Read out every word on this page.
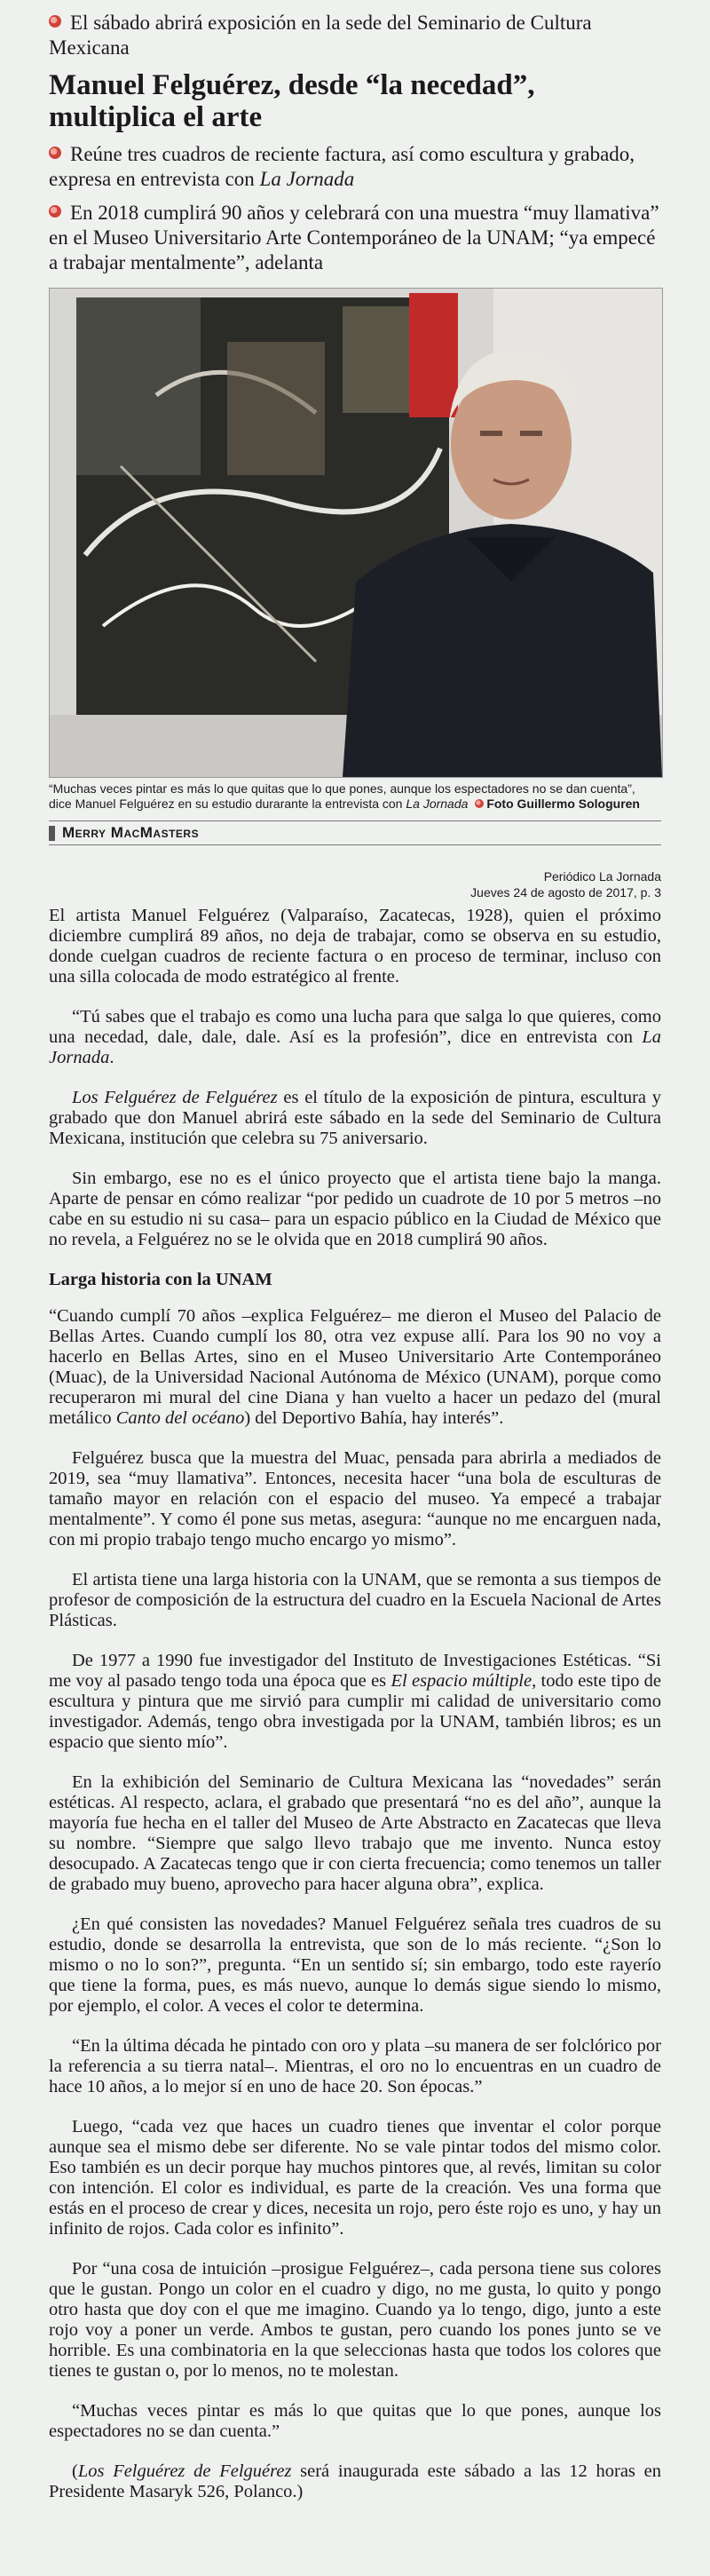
El sábado abrirá exposición en la sede del Seminario de Cultura Mexicana
Manuel Felguérez, desde “la necedad”, multiplica el arte
Reúne tres cuadros de reciente factura, así como escultura y grabado, expresa en entrevista con La Jornada
En 2018 cumplirá 90 años y celebrará con una muestra “muy llamativa” en el Museo Universitario Arte Contemporáneo de la UNAM; “ya empecé a trabajar mentalmente”, adelanta
“Muchas veces pintar es más lo que quitas que lo que pones, aunque los espectadores no se dan cuenta”, dice Manuel Felguérez en su estudio durarante la entrevista con La Jornada Foto Guillermo Sologuren
Merry MacMasters
Periódico La Jornada
Jueves 24 de agosto de 2017, p. 3

El artista Manuel Felguérez (Valparaíso, Zacatecas, 1928), quien el próximo diciembre cumplirá 89 años, no deja de trabajar, como se observa en su estudio, donde cuelgan cuadros de reciente factura o en proceso de terminar, incluso con una silla colocada de modo estratégico al frente.

“Tú sabes que el trabajo es como una lucha para que salga lo que quieres, como una necedad, dale, dale, dale. Así es la profesión”, dice en entrevista con La Jornada.

Los Felguérez de Felguérez es el título de la exposición de pintura, escultura y grabado que don Manuel abrirá este sábado en la sede del Seminario de Cultura Mexicana, institución que celebra su 75 aniversario.

Sin embargo, ese no es el único proyecto que el artista tiene bajo la manga. Aparte de pensar en cómo realizar “por pedido un cuadrote de 10 por 5 metros –no cabe en su estudio ni su casa– para un espacio público en la Ciudad de México que no revela, a Felguérez no se le olvida que en 2018 cumplirá 90 años.

Larga historia con la UNAM

“Cuando cumplí 70 años –explica Felguérez– me dieron el Museo del Palacio de Bellas Artes. Cuando cumplí los 80, otra vez expuse allí. Para los 90 no voy a hacerlo en Bellas Artes, sino en el Museo Universitario Arte Contemporáneo (Muac), de la Universidad Nacional Autónoma de México (UNAM), porque como recuperaron mi mural del cine Diana y han vuelto a hacer un pedazo del (mural metálico Canto del océano) del Deportivo Bahía, hay interés”.

Felguérez busca que la muestra del Muac, pensada para abrirla a mediados de 2019, sea “muy llamativa”. Entonces, necesita hacer “una bola de esculturas de tamaño mayor en relación con el espacio del museo. Ya empecé a trabajar mentalmente”. Y como él pone sus metas, asegura: “aunque no me encarguen nada, con mi propio trabajo tengo mucho encargo yo mismo”.

El artista tiene una larga historia con la UNAM, que se remonta a sus tiempos de profesor de composición de la estructura del cuadro en la Escuela Nacional de Artes Plásticas.

De 1977 a 1990 fue investigador del Instituto de Investigaciones Estéticas. “Si me voy al pasado tengo toda una época que es El espacio múltiple, todo este tipo de escultura y pintura que me sirvió para cumplir mi calidad de universitario como investigador. Además, tengo obra investigada por la UNAM, también libros; es un espacio que siento mío”.

En la exhibición del Seminario de Cultura Mexicana las “novedades” serán estéticas. Al respecto, aclara, el grabado que presentará “no es del año”, aunque la mayoría fue hecha en el taller del Museo de Arte Abstracto en Zacatecas que lleva su nombre. “Siempre que salgo llevo trabajo que me invento. Nunca estoy desocupado. A Zacatecas tengo que ir con cierta frecuencia; como tenemos un taller de grabado muy bueno, aprovecho para hacer alguna obra”, explica.

¿En qué consisten las novedades? Manuel Felguérez señala tres cuadros de su estudio, donde se desarrolla la entrevista, que son de lo más reciente. “¿Son lo mismo o no lo son?”, pregunta. “En un sentido sí; sin embargo, todo este rayerío que tiene la forma, pues, es más nuevo, aunque lo demás sigue siendo lo mismo, por ejemplo, el color. A veces el color te determina.

“En la última década he pintado con oro y plata –su manera de ser folclórico por la referencia a su tierra natal–. Mientras, el oro no lo encuentras en un cuadro de hace 10 años, a lo mejor sí en uno de hace 20. Son épocas.”

Luego, “cada vez que haces un cuadro tienes que inventar el color porque aunque sea el mismo debe ser diferente. No se vale pintar todos del mismo color. Eso también es un decir porque hay muchos pintores que, al revés, limitan su color con intención. El color es individual, es parte de la creación. Ves una forma que estás en el proceso de crear y dices, necesita un rojo, pero éste rojo es uno, y hay un infinito de rojos. Cada color es infinito”.

Por “una cosa de intuición –prosigue Felguérez–, cada persona tiene sus colores que le gustan. Pongo un color en el cuadro y digo, no me gusta, lo quito y pongo otro hasta que doy con el que me imagino. Cuando ya lo tengo, digo, junto a este rojo voy a poner un verde. Ambos te gustan, pero cuando los pones junto se ve horrible. Es una combinatoria en la que seleccionas hasta que todos los colores que tienes te gustan o, por lo menos, no te molestan.

“Muchas veces pintar es más lo que quitas que lo que pones, aunque los espectadores no se dan cuenta.”

(Los Felguérez de Felguérez será inaugurada este sábado a las 12 horas en Presidente Masaryk 526, Polanco.)
